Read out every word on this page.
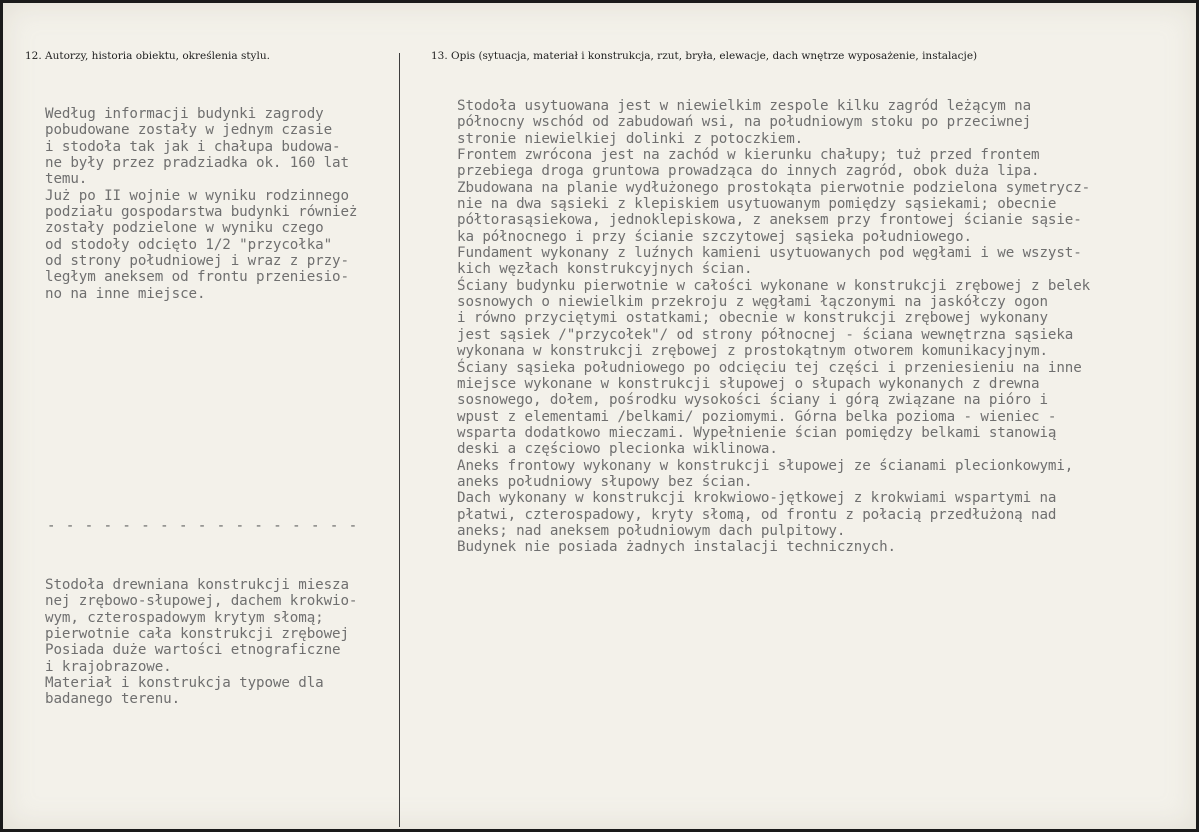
12. Autorzy, historia obiektu, określenia stylu.	13. Opis (sytuacja, materiał i konstrukcja, rzut, bryła, elewacje, dach wnętrze wyposażenie, instalacje)
Według informacji budynki zagrody
pobudowane zostały w jednym czasie
i stodoła tak jak i chałupa budowa-
ne były przez pradziadka ok. 160 lat
temu.
Już po II wojnie w wyniku rodzinnego
podziału gospodarstwa budynki również
zostały podzielone w wyniku czego
od stodoły odcięto 1/2 "przycołka"
od strony południowej i wraz z przy-
ległym aneksem od frontu przeniesio-
no na inne miejsce.
- - - - - - - - - - - - - - - - -
Stodoła drewniana konstrukcji miesza
nej zrębowo-słupowej, dachem krokwio-
wym, czterospadowym krytym słomą;
pierwotnie cała konstrukcji zrębowej
Posiada duże wartości etnograficzne
i krajobrazowe.
Materiał i konstrukcja typowe dla
badanego terenu.
Stodoła usytuowana jest w niewielkim zespole kilku zagród leżącym na
północny wschód od zabudowań wsi, na południowym stoku po przeciwnej
stronie niewielkiej dolinki z potoczkiem.
Frontem zwrócona jest na zachód w kierunku chałupy; tuż przed frontem
przebiega droga gruntowa prowadząca do innych zagród, obok duża lipa.
Zbudowana na planie wydłużonego prostokąta pierwotnie podzielona symetrycz-
nie na dwa sąsieki z klepiskiem usytuowanym pomiędzy sąsiekami; obecnie
półtorasąsiekowa, jednoklepiskowa, z aneksem przy frontowej ścianie sąsie-
ka północnego i przy ścianie szczytowej sąsieka południowego.
Fundament wykonany z luźnych kamieni usytuowanych pod węgłami i we wszyst-
kich węzłach konstrukcyjnych ścian.
Ściany budynku pierwotnie w całości wykonane w konstrukcji zrębowej z belek
sosnowych o niewielkim przekroju z węgłami łączonymi na jaskółczy ogon
i równo przyciętymi ostatkami; obecnie w konstrukcji zrębowej wykonany
jest sąsiek /"przycołek"/ od strony północnej - ściana wewnętrzna sąsieka
wykonana w konstrukcji zrębowej z prostokątnym otworem komunikacyjnym.
Ściany sąsieka południowego po odcięciu tej części i przeniesieniu na inne
miejsce wykonane w konstrukcji słupowej o słupach wykonanych z drewna
sosnowego, dołem, pośrodku wysokości ściany i górą związane na pióro i
wpust z elementami /belkami/ poziomymi. Górna belka pozioma - wieniec -
wsparta dodatkowo mieczami. Wypełnienie ścian pomiędzy belkami stanowią
deski a częściowo plecionka wiklinowa.
Aneks frontowy wykonany w konstrukcji słupowej ze ścianami plecionkowymi,
aneks południowy słupowy bez ścian.
Dach wykonany w konstrukcji krokwiowo-jętkowej z krokwiami wspartymi na
płatwi, czterospadowy, kryty słomą, od frontu z połacią przedłużoną nad
aneks; nad aneksem południowym dach pulpitowy.
Budynek nie posiada żadnych instalacji technicznych.
